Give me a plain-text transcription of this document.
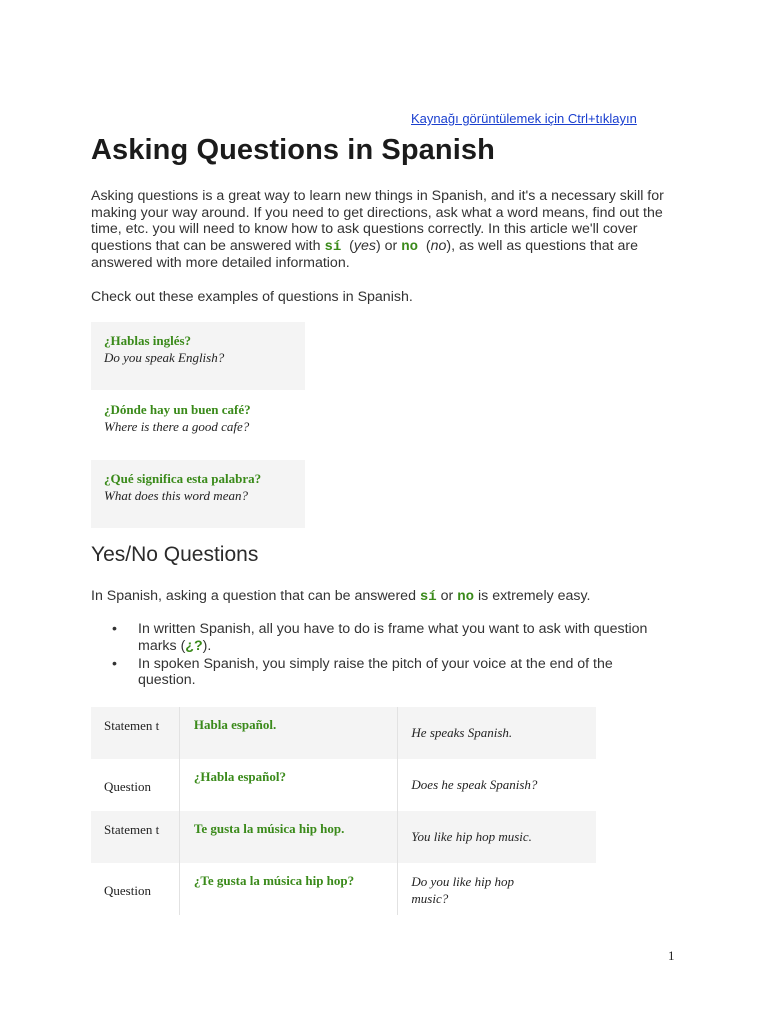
Kaynağı görüntülemek için Ctrl+tıklayın
Asking Questions in Spanish

Asking questions is a great way to learn new things in Spanish, and it's a necessary skill for making your way around. If you need to get directions, ask what a word means, find out the time, etc. you will need to know how to ask questions correctly. In this article we'll cover questions that can be answered with sí  (yes) or no  (no), as well as questions that are answered with more detailed information.

Check out these examples of questions in Spanish.

¿Hablas inglés?
Do you speak English?
¿Dónde hay un buen café?
Where is there a good cafe?
¿Qué significa esta palabra?
What does this word mean?
Yes/No Questions

In Spanish, asking a question that can be answered sí or no is extremely easy.

• In written Spanish, all you have to do is frame what you want to ask with question marks (¿?).
• In spoken Spanish, you simply raise the pitch of your voice at the end of the question.
Statemen t	Habla español.	He speaks Spanish.

Question	¿Habla español?	Does he speak Spanish?

Statemen t	Te gusta la música hip hop.	You like hip hop music.

Question	¿Te gusta la música hip hop?	Do you like hip hop music?
1
